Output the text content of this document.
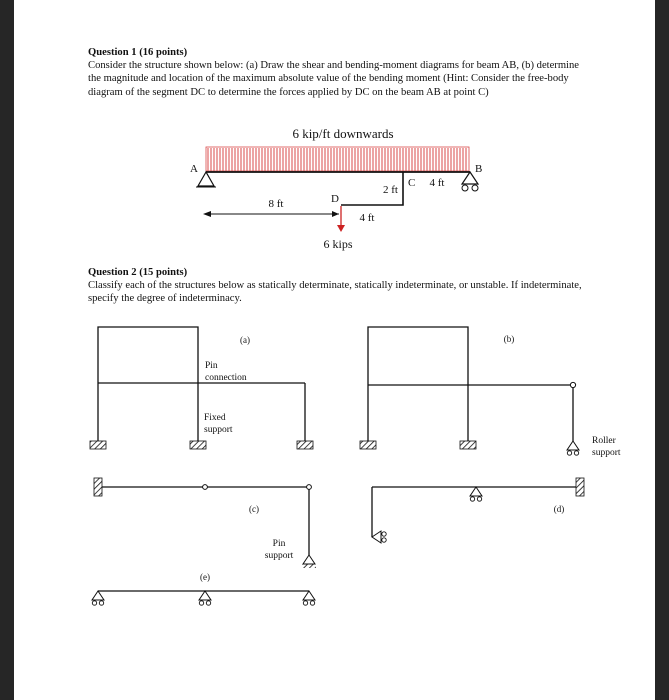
Question 1 (16 points)
Consider the structure shown below: (a) Draw the shear and bending-moment diagrams for beam AB, (b) determine the magnitude and location of the maximum absolute value of the bending moment (Hint: Consider the free-body diagram of the segment DC to determine the forces applied by DC on the beam AB at point C)
Question 2 (15 points)
Classify each of the structures below as statically determinate, statically indeterminate, or unstable. If indeterminate, specify the degree of indeterminacy.
6 kip/ft downwards
A	B
C
D
2 ft
4 ft
4 ft
8 ft
6 kips
(a)
Pin
connection
Fixed
support
(b)
Roller
support
(c)
Pin
support
(d)
(e)
